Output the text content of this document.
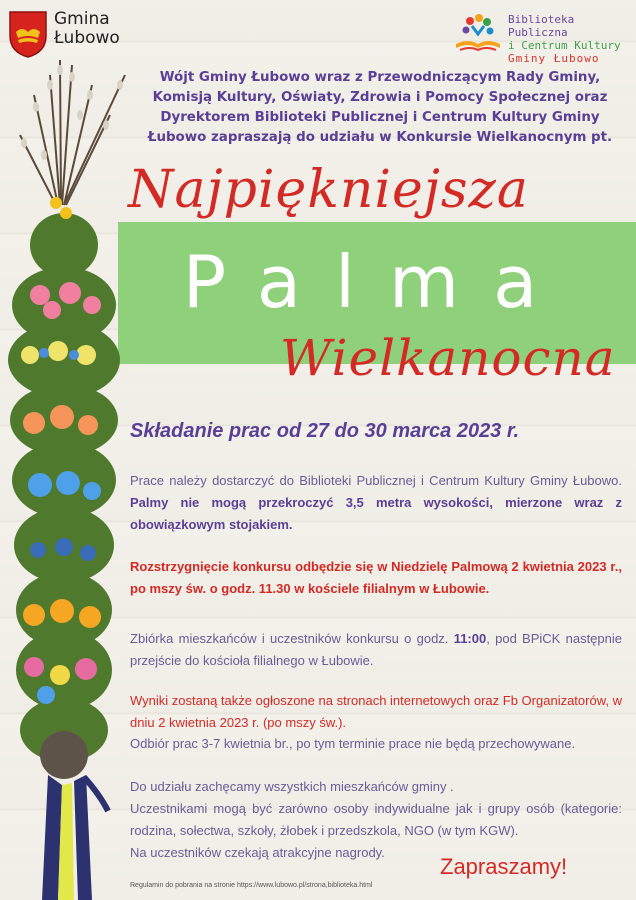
Gmina
Łubowo
Biblioteka Publiczna
i Centrum Kultury
Gminy Łubowo
Wójt Gminy Łubowo wraz z Przewodniczącym Rady Gminy, Komisją Kultury, Oświaty, Zdrowia i Pomocy Społecznej oraz Dyrektorem Biblioteki Publicznej i Centrum Kultury Gminy Łubowo zapraszają do udziału w Konkursie Wielkanocnym pt.
Najpiękniejsza
Palma
Wielkanocna
Składanie prac od 27 do 30 marca 2023 r.
Prace należy dostarczyć do Biblioteki Publicznej i Centrum Kultury Gminy Łubowo. Palmy nie mogą przekroczyć 3,5 metra wysokości, mierzone wraz z obowiązkowym stojakiem.
Rozstrzygnięcie konkursu odbędzie się w Niedzielę Palmową 2 kwietnia 2023 r., po mszy św. o godz. 11.30 w kościele filialnym w Łubowie.
Zbiórka mieszkańców i uczestników konkursu o godz. 11:00, pod BPiCK następnie przejście do kościoła filialnego w Łubowie.
Wyniki zostaną także ogłoszone na stronach internetowych oraz Fb Organizatorów, w dniu 2 kwietnia 2023 r. (po mszy św.).
Odbiór prac 3-7 kwietnia br., po tym terminie prace nie będą przechowywane.
Do udziału zachęcamy wszystkich mieszkańców gminy .
Uczestnikami mogą być zarówno osoby indywidualne jak i grupy osób (kategorie: rodzina, sołectwa, szkoły, żłobek i przedszkola, NGO (w tym KGW).
Na uczestników czekają atrakcyjne nagrody.
Regulamin do pobrania na stronie https://www.lubowo.pl/strona,biblioteka.html
Zapraszamy!
